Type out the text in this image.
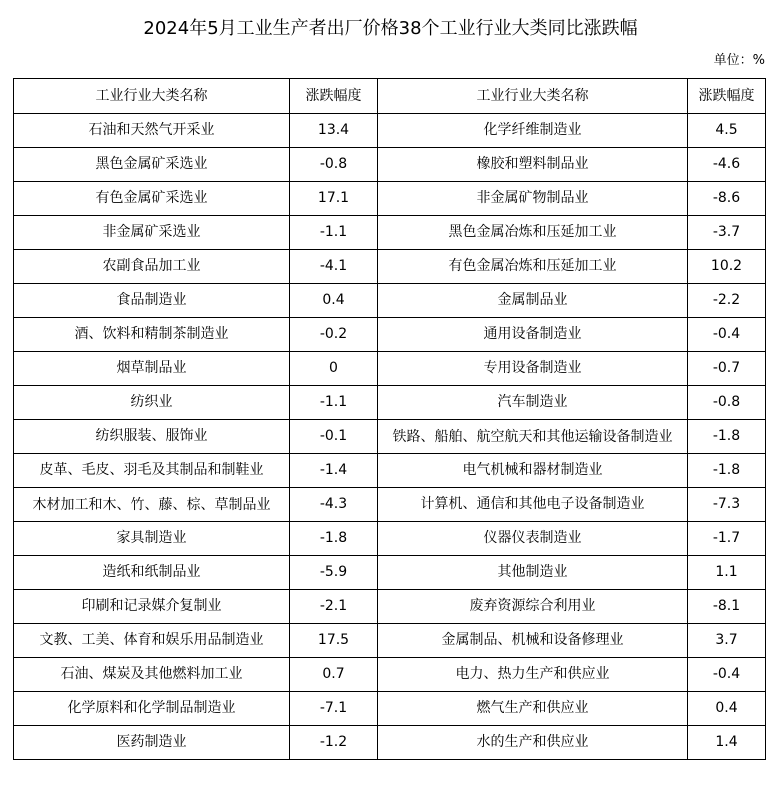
2024年5月工业生产者出厂价格38个工业行业大类同比涨跌幅
单位：%
工业行业大类名称	涨跌幅度	工业行业大类名称	涨跌幅度
石油和天然气开采业	13.4	化学纤维制造业	4.5
黑色金属矿采选业	-0.8	橡胶和塑料制品业	-4.6
有色金属矿采选业	17.1	非金属矿物制品业	-8.6
非金属矿采选业	-1.1	黑色金属冶炼和压延加工业	-3.7
农副食品加工业	-4.1	有色金属冶炼和压延加工业	10.2
食品制造业	0.4	金属制品业	-2.2
酒、饮料和精制茶制造业	-0.2	通用设备制造业	-0.4
烟草制品业	0	专用设备制造业	-0.7
纺织业	-1.1	汽车制造业	-0.8
纺织服装、服饰业	-0.1	铁路、船舶、航空航天和其他运输设备制造业	-1.8
皮革、毛皮、羽毛及其制品和制鞋业	-1.4	电气机械和器材制造业	-1.8
木材加工和木、竹、藤、棕、草制品业	-4.3	计算机、通信和其他电子设备制造业	-7.3
家具制造业	-1.8	仪器仪表制造业	-1.7
造纸和纸制品业	-5.9	其他制造业	1.1
印刷和记录媒介复制业	-2.1	废弃资源综合利用业	-8.1
文教、工美、体育和娱乐用品制造业	17.5	金属制品、机械和设备修理业	3.7
石油、煤炭及其他燃料加工业	0.7	电力、热力生产和供应业	-0.4
化学原料和化学制品制造业	-7.1	燃气生产和供应业	0.4
医药制造业	-1.2	水的生产和供应业	1.4
